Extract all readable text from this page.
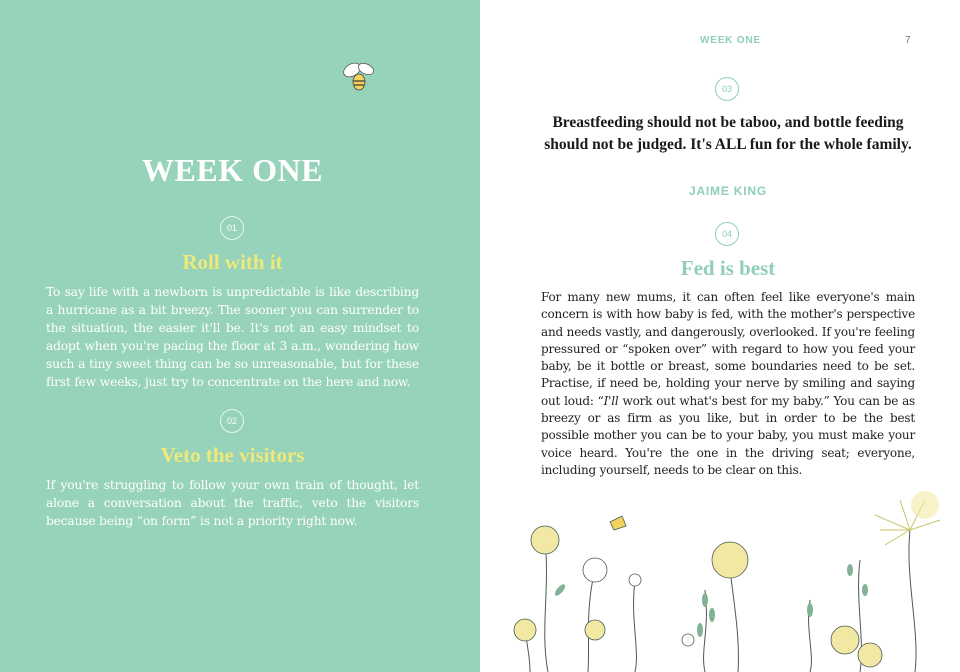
WEEK ONE
01
Roll with it
To say life with a newborn is unpredictable is like describing a hurricane as a bit breezy. The sooner you can surrender to the situation, the easier it'll be. It's not an easy mindset to adopt when you're pacing the floor at 3 a.m., wondering how such a tiny sweet thing can be so unreasonable, but for these first few weeks, just try to concentrate on the here and now.
02
Veto the visitors
If you're struggling to follow your own train of thought, let alone a conversation about the traffic, veto the visitors because being “on form” is not a priority right now.
WEEK ONE	7
03
Breastfeeding should not be taboo, and bottle feeding should not be judged. It's ALL fun for the whole family.
JAIME KING
04
Fed is best
For many new mums, it can often feel like everyone's main concern is with how baby is fed, with the mother's perspective and needs vastly, and dangerously, overlooked. If you're feeling pressured or “spoken over” with regard to how you feed your baby, be it bottle or breast, some boundaries need to be set. Practise, if need be, holding your nerve by smiling and saying out loud: “I'll work out what's best for my baby.” You can be as breezy or as firm as you like, but in order to be the best possible mother you can be to your baby, you must make your voice heard. You're the one in the driving seat; everyone, including yourself, needs to be clear on this.
